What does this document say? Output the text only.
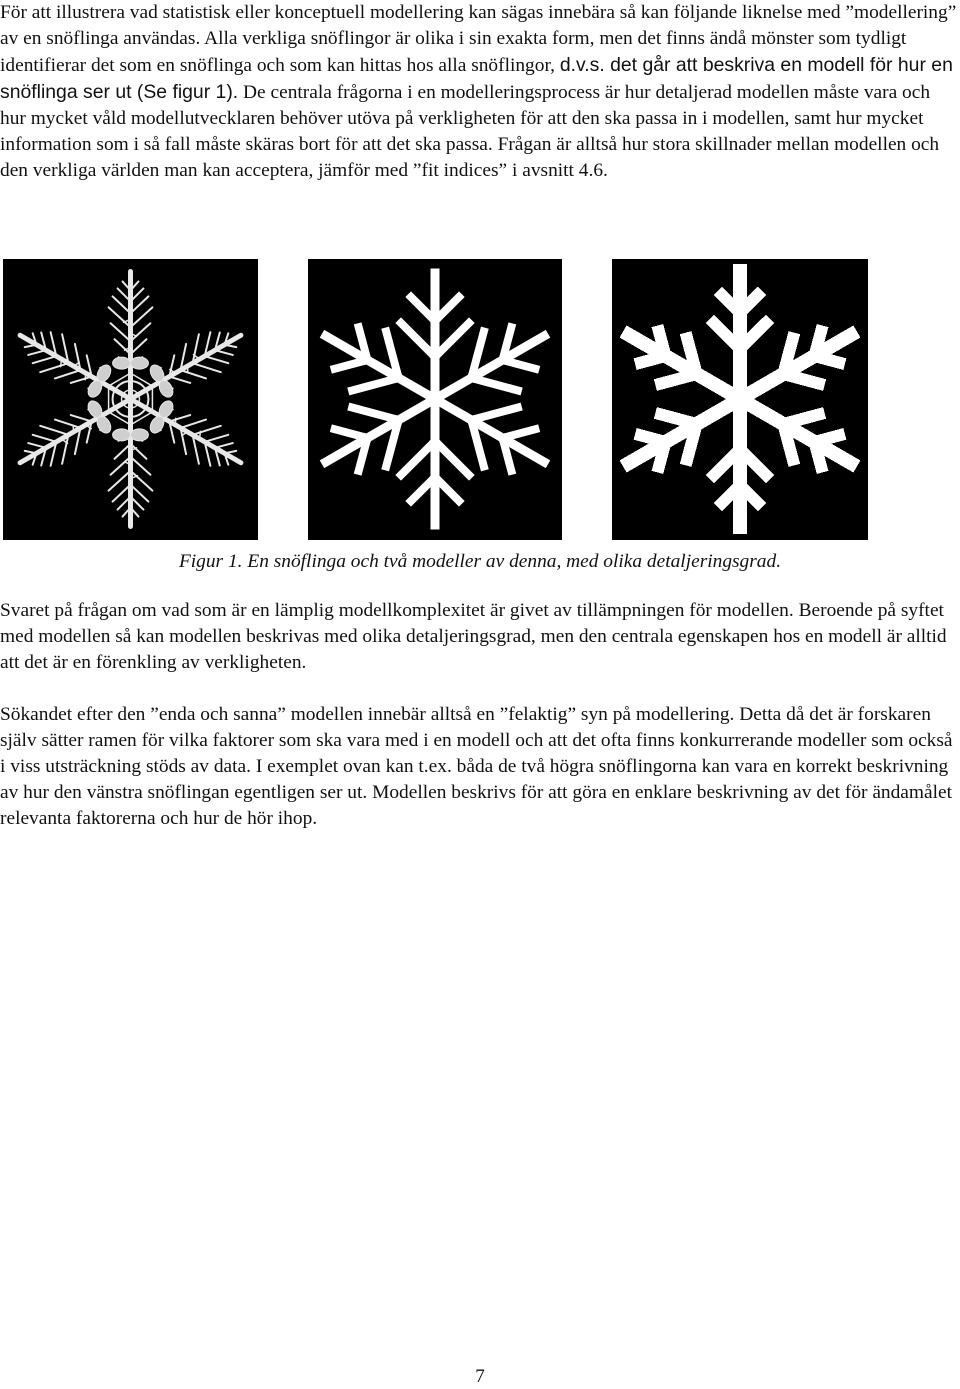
För att illustrera vad statistisk eller konceptuell modellering kan sägas innebära så kan följande liknelse med ”modellering” av en snöflinga användas. Alla verkliga snöflingor är olika i sin exakta form, men det finns ändå mönster som tydligt identifierar det som en snöflinga och som kan hittas hos alla snöflingor, d.v.s. det går att beskriva en modell för hur en snöflinga ser ut (Se figur 1). De centrala frågorna i en modelleringsprocess är hur detaljerad modellen måste vara och hur mycket våld modellutvecklaren behöver utöva på verkligheten för att den ska passa in i modellen, samt hur mycket information som i så fall måste skäras bort för att det ska passa. Frågan är alltså hur stora skillnader mellan modellen och den verkliga världen man kan acceptera, jämför med ”fit indices” i avsnitt 4.6.

Figur 1. En snöflinga och två modeller av denna, med olika detaljeringsgrad.

Svaret på frågan om vad som är en lämplig modellkomplexitet är givet av tillämpningen för modellen. Beroende på syftet med modellen så kan modellen beskrivas med olika detaljeringsgrad, men den centrala egenskapen hos en modell är alltid att det är en förenkling av verkligheten.

Sökandet efter den ”enda och sanna” modellen innebär alltså en ”felaktig” syn på modellering. Detta då det är forskaren själv sätter ramen för vilka faktorer som ska vara med i en modell och att det ofta finns konkurrerande modeller som också i viss utsträckning stöds av data. I exemplet ovan kan t.ex. båda de två högra snöflingorna kan vara en korrekt beskrivning av hur den vänstra snöflingan egentligen ser ut. Modellen beskrivs för att göra en enklare beskrivning av det för ändamålet relevanta faktorerna och hur de hör ihop.

7
